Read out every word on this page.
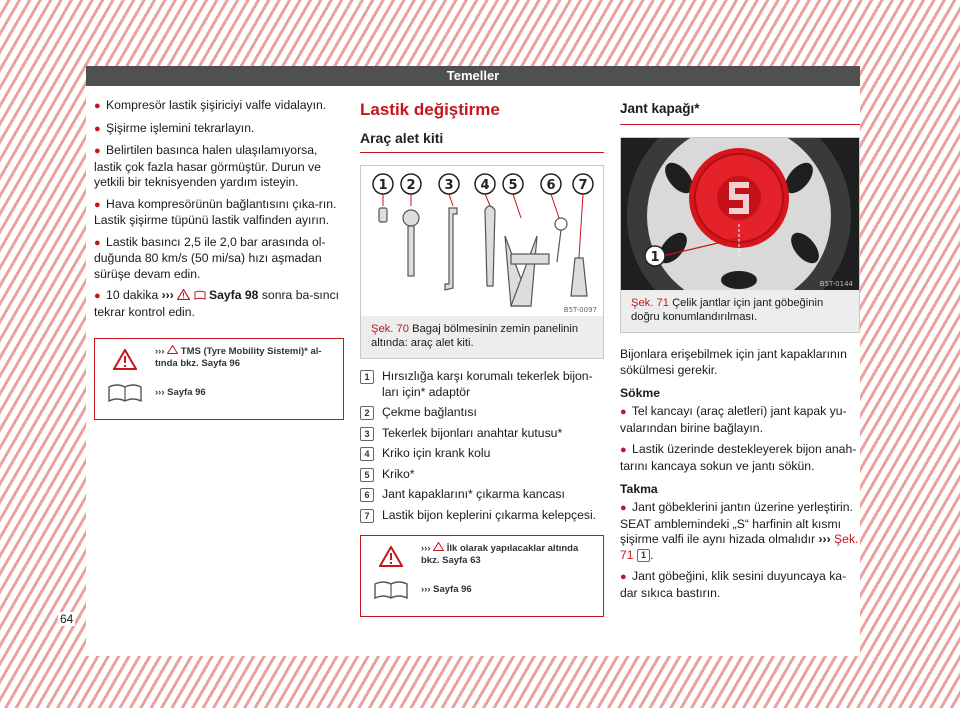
Temeller

● Kompresör lastik şişiriciyi valfe vidalayın.

● Şişirme işlemini tekrarlayın.

● Belirtilen basınca halen ulaşılamıyorsa, lastik çok fazla hasar görmüştür. Durun ve yetkili bir teknisyenden yardım isteyin.

● Hava kompresörünün bağlantısını çıka-rın. Lastik şişirme tüpünü lastik valfinden ayırın.

● Lastik basıncı 2,5 ile 2,0 bar arasında ol-duğunda 80 km/s (50 mi/sa) hızı aşmadan sürüşe devam edin.

● 10 dakika ›››	Sayfa 98 sonra ba-sıncı tekrar kontrol edin.

››› TMS (Tyre Mobility Sistemi)* al-tında bkz. Sayfa 96
››› Sayfa 96
Lastik değiştirme
Araç alet kiti
1 2 3 4 5 6 7
B5T-0097
Şek. 70 Bagaj bölmesinin zemin panelinin altında: araç alet kiti.
1	Hırsızlığa karşı korumalı tekerlek bijon-ları için* adaptör
2	Çekme bağlantısı
3	Tekerlek bijonları anahtar kutusu*
4	Kriko için krank kolu
5	Kriko*
6	Jant kapaklarını* çıkarma kancası
7	Lastik bijon keplerini çıkarma kelepçesi.
››› İlk olarak yapılacaklar altında bkz. Sayfa 63
››› Sayfa 96
Jant kapağı*
1
B5T-0144
Şek. 71 Çelik jantlar için jant göbeğinin doğru konumlandırılması.

Bijonlara erişebilmek için jant kapaklarının sökülmesi gerekir.

Sökme

● Tel kancayı (araç aletleri) jant kapak yu-valarından birine bağlayın.

● Lastik üzerinde destekleyerek bijon anah-tarını kancaya sokun ve jantı sökün.

Takma

● Jant göbeklerini jantın üzerine yerleştirin. SEAT amblemindeki „S“ harfinin alt kısmı şişirme valfi ile aynı hizada olmalıdır ››› Şek. 71 1 .

● Jant göbeğini, klik sesini duyuncaya ka-dar sıkıca bastırın.

64
